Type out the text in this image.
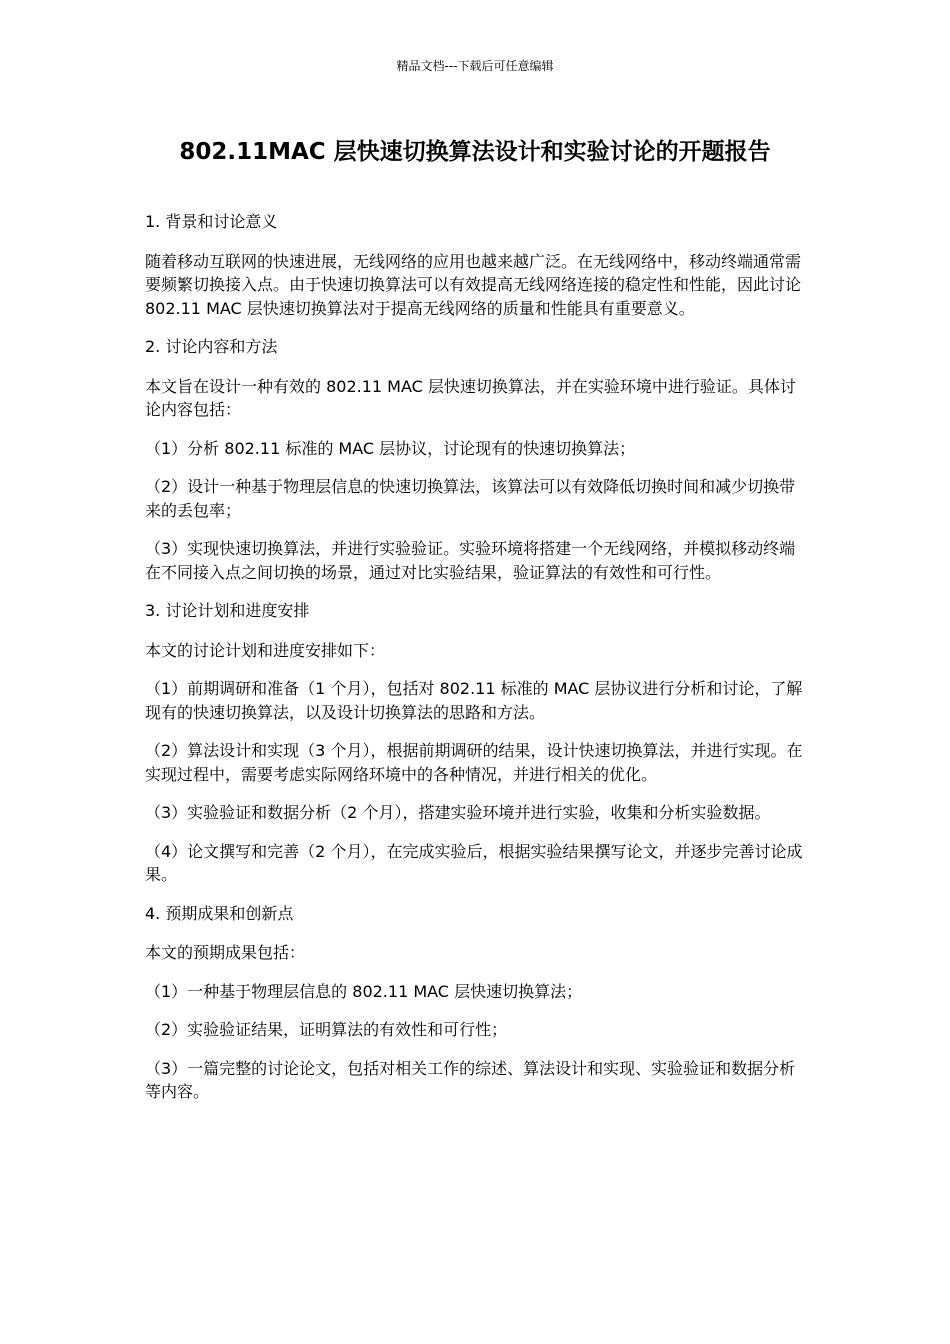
精品文档---下载后可任意编辑
802.11MAC 层快速切换算法设计和实验讨论的开题报告

1. 背景和讨论意义

随着移动互联网的快速进展，无线网络的应用也越来越广泛。在无线网络中，移动终端通常需要频繁切换接入点。由于快速切换算法可以有效提高无线网络连接的稳定性和性能，因此讨论 802.11 MAC 层快速切换算法对于提高无线网络的质量和性能具有重要意义。

2. 讨论内容和方法

本文旨在设计一种有效的 802.11 MAC 层快速切换算法，并在实验环境中进行验证。具体讨论内容包括：

（1）分析 802.11 标准的 MAC 层协议，讨论现有的快速切换算法；

（2）设计一种基于物理层信息的快速切换算法，该算法可以有效降低切换时间和减少切换带来的丢包率；

（3）实现快速切换算法，并进行实验验证。实验环境将搭建一个无线网络，并模拟移动终端在不同接入点之间切换的场景，通过对比实验结果，验证算法的有效性和可行性。

3. 讨论计划和进度安排

本文的讨论计划和进度安排如下：

（1）前期调研和准备（1 个月），包括对 802.11 标准的 MAC 层协议进行分析和讨论，了解现有的快速切换算法，以及设计切换算法的思路和方法。

（2）算法设计和实现（3 个月），根据前期调研的结果，设计快速切换算法，并进行实现。在实现过程中，需要考虑实际网络环境中的各种情况，并进行相关的优化。

（3）实验验证和数据分析（2 个月），搭建实验环境并进行实验，收集和分析实验数据。

（4）论文撰写和完善（2 个月），在完成实验后，根据实验结果撰写论文，并逐步完善讨论成果。

4. 预期成果和创新点

本文的预期成果包括：

（1）一种基于物理层信息的 802.11 MAC 层快速切换算法；

（2）实验验证结果，证明算法的有效性和可行性；

（3）一篇完整的讨论论文，包括对相关工作的综述、算法设计和实现、实验验证和数据分析等内容。
